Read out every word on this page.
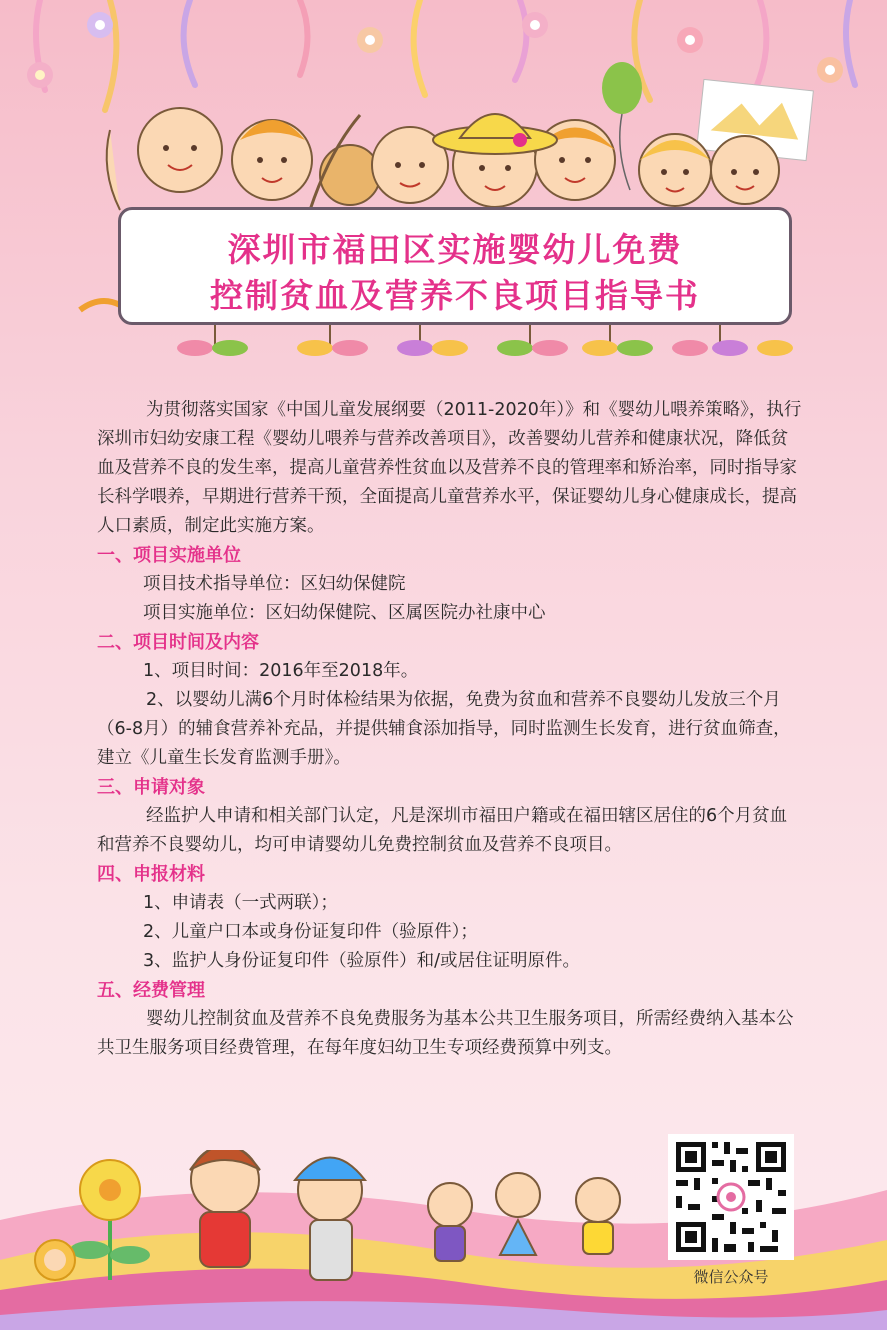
深圳市福田区实施婴幼儿免费
控制贫血及营养不良项目指导书

为贯彻落实国家《中国儿童发展纲要（2011-2020年）》和《婴幼儿喂养策略》，执行深圳市妇幼安康工程《婴幼儿喂养与营养改善项目》，改善婴幼儿营养和健康状况，降低贫血及营养不良的发生率，提高儿童营养性贫血以及营养不良的管理率和矫治率，同时指导家长科学喂养，早期进行营养干预，全面提高儿童营养水平，保证婴幼儿身心健康成长，提高人口素质，制定此实施方案。

一、项目实施单位

项目技术指导单位：区妇幼保健院

项目实施单位：区妇幼保健院、区属医院办社康中心

二、项目时间及内容

1、项目时间：2016年至2018年。

2、以婴幼儿满6个月时体检结果为依据，免费为贫血和营养不良婴幼儿发放三个月（6-8月）的辅食营养补充品，并提供辅食添加指导，同时监测生长发育，进行贫血筛查，建立《儿童生长发育监测手册》。

三、申请对象

经监护人申请和相关部门认定，凡是深圳市福田户籍或在福田辖区居住的6个月贫血和营养不良婴幼儿，均可申请婴幼儿免费控制贫血及营养不良项目。

四、申报材料

1、申请表（一式两联）；

2、儿童户口本或身份证复印件（验原件）；

3、监护人身份证复印件（验原件）和/或居住证明原件。

五、经费管理

婴幼儿控制贫血及营养不良免费服务为基本公共卫生服务项目，所需经费纳入基本公共卫生服务项目经费管理，在每年度妇幼卫生专项经费预算中列支。

微信公众号
